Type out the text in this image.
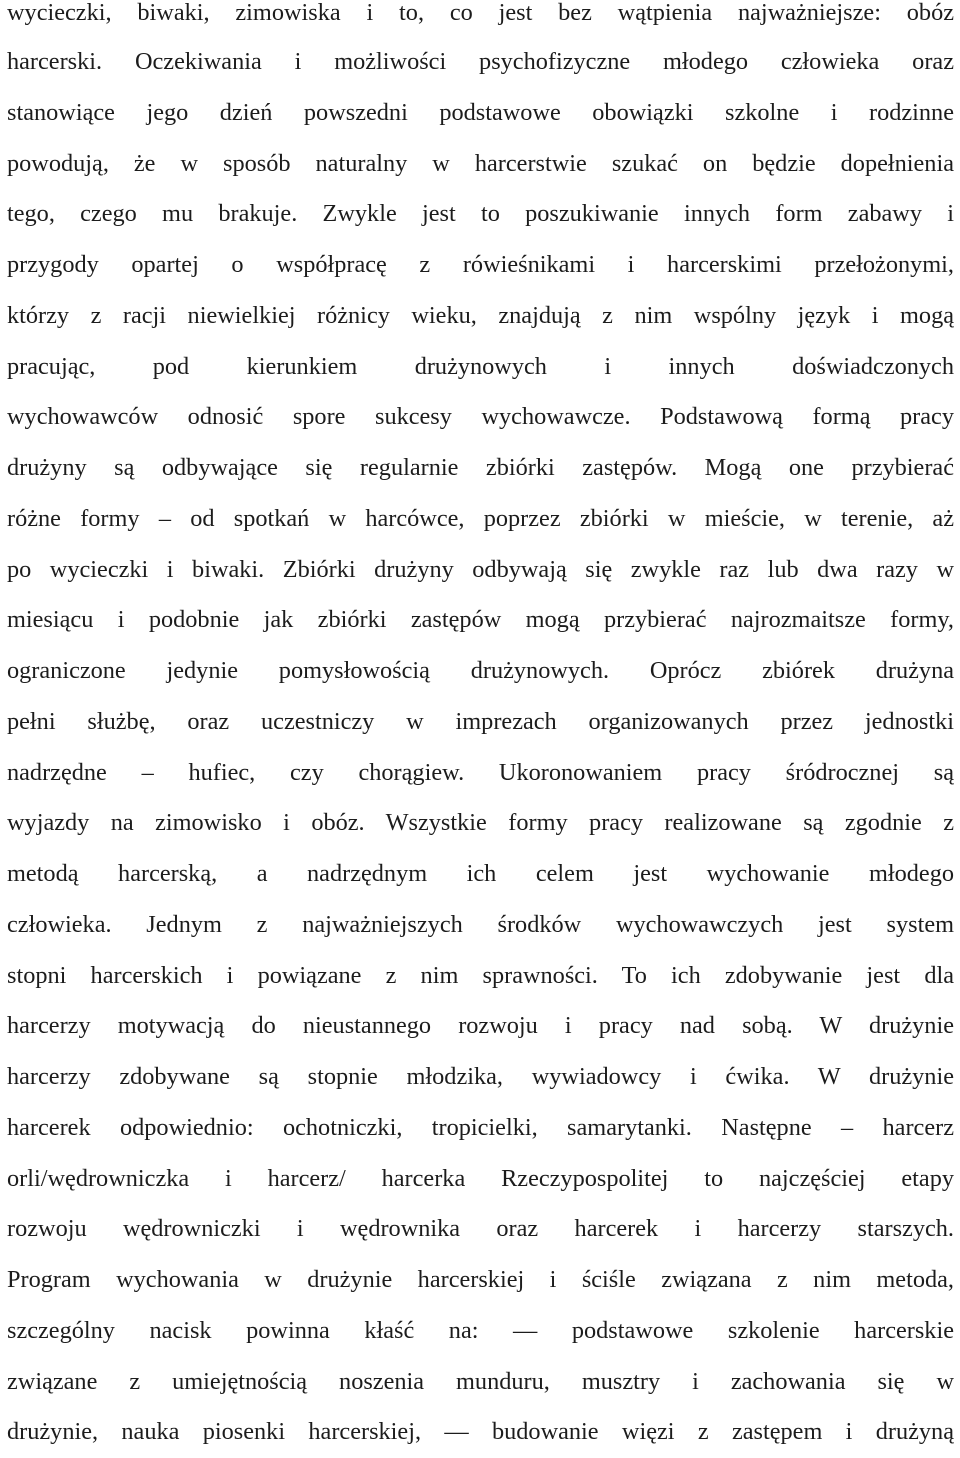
wycieczki, biwaki, zimowiska i to, co jest bez wątpienia najważniejsze: obóz
harcerski. Oczekiwania i możliwości psychofizyczne młodego człowieka oraz
stanowiące jego dzień powszedni podstawowe obowiązki szkolne i rodzinne
powodują, że w sposób naturalny w harcerstwie szukać on będzie dopełnienia
tego, czego mu brakuje. Zwykle jest to poszukiwanie innych form zabawy i
przygody opartej o współpracę z rówieśnikami i harcerskimi przełożonymi,
którzy z racji niewielkiej różnicy wieku, znajdują z nim wspólny język i mogą
pracując, pod kierunkiem drużynowych i innych doświadczonych
wychowawców odnosić spore sukcesy wychowawcze. Podstawową formą pracy
drużyny są odbywające się regularnie zbiórki zastępów. Mogą one przybierać
różne formy – od spotkań w harcówce, poprzez zbiórki w mieście, w terenie, aż
po wycieczki i biwaki. Zbiórki drużyny odbywają się zwykle raz lub dwa razy w
miesiącu i podobnie jak zbiórki zastępów mogą przybierać najrozmaitsze formy,
ograniczone jedynie pomysłowością drużynowych. Oprócz zbiórek drużyna
pełni służbę, oraz uczestniczy w imprezach organizowanych przez jednostki
nadrzędne – hufiec, czy chorągiew. Ukoronowaniem pracy śródrocznej są
wyjazdy na zimowisko i obóz. Wszystkie formy pracy realizowane są zgodnie z
metodą harcerską, a nadrzędnym ich celem jest wychowanie młodego
człowieka. Jednym z najważniejszych środków wychowawczych jest system
stopni harcerskich i powiązane z nim sprawności. To ich zdobywanie jest dla
harcerzy motywacją do nieustannego rozwoju i pracy nad sobą. W drużynie
harcerzy zdobywane są stopnie młodzika, wywiadowcy i ćwika. W drużynie
harcerek odpowiednio: ochotniczki, tropicielki, samarytanki. Następne – harcerz
orli/wędrowniczka i harcerz/ harcerka Rzeczypospolitej to najczęściej etapy
rozwoju wędrowniczki i wędrownika oraz harcerek i harcerzy starszych.
Program wychowania w drużynie harcerskiej i ściśle związana z nim metoda,
szczególny nacisk powinna kłaść na: — podstawowe szkolenie harcerskie
związane z umiejętnością noszenia munduru, musztry i zachowania się w
drużynie, nauka piosenki harcerskiej, — budowanie więzi z zastępem i drużyną
